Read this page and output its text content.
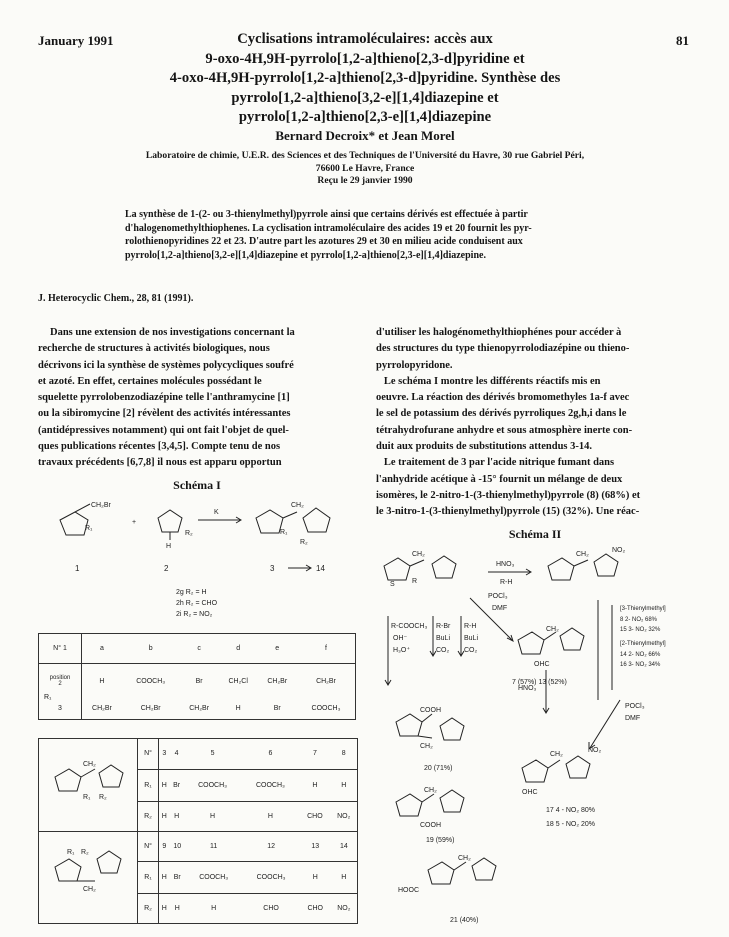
January 1991	81
Cyclisations intramoléculaires: accès aux
9-oxo-4H,9H-pyrrolo[1,2-a]thieno[2,3-d]pyridine et
4-oxo-4H,9H-pyrrolo[1,2-a]thieno[2,3-d]pyridine. Synthèse des
pyrrolo[1,2-a]thieno[3,2-e][1,4]diazepine et
pyrrolo[1,2-a]thieno[2,3-e][1,4]diazepine
Bernard Decroix* et Jean Morel
Laboratoire de chimie, U.E.R. des Sciences et des Techniques de l'Université du Havre, 30 rue Gabriel Péri,
76600 Le Havre, France
Reçu le 29 janvier 1990
La synthèse de 1-(2- ou 3-thienylmethyl)pyrrole ainsi que certains dérivés est effectuée à partir
d'halogenomethylthiophenes. La cyclisation intramoléculaire des acides 19 et 20 fournit les pyr-
rolothienopyridines 22 et 23. D'autre part les azotures 29 et 30 en milieu acide conduisent aux
pyrrolo[1,2-a]thieno[3,2-e][1,4]diazepine et pyrrolo[1,2-a]thieno[2,3-e][1,4]diazepine.
J. Heterocyclic Chem., 28, 81 (1991).
Dans une extension de nos investigations concernant la
recherche de structures à activités biologiques, nous
décrivons ici la synthèse de systèmes polycycliques soufré
et azoté. En effet, certaines molécules possédant le
squelette pyrrolobenzodiazépine telle l'anthramycine [1]
ou la sibiromycine [2] révèlent des activités intéressantes
(antidépressives notamment) qui ont fait l'objet de quel-
ques publications récentes [3,4,5]. Compte tenu de nos
travaux précédents [6,7,8] il nous est apparu opportun
d'utiliser les halogénomethylthiophénes pour accéder à
des structures du type thienopyrrolodiazépine ou thieno-
pyrrolopyridone.
Le schéma I montre les différents réactifs mis en
oeuvre. La réaction des dérivés bromomethyles 1a-f avec
le sel de potassium des dérivés pyrroliques 2g,h,i dans le
tétrahydrofurane anhydre et sous atmosphère inerte con-
duit aux produits de substitutions attendus 3-14.
Le traitement de 3 par l'acide nitrique fumant dans
l'anhydride acétique à -15° fournit un mélange de deux
isomères, le 2-nitro-1-(3-thienylmethyl)pyrrole (8) (68%) et
le 3-nitro-1-(3-thienylmethyl)pyrrole (15) (32%). Une réac-
Schéma I
CH₂Br
R₁
R₂
H
+
K
CH₂
R₁
R₂
1	2	3	14
2g R₂ = H
2h R₂ = CHO
2i R₂ = NO₂
N° 1	a	b	c	d	e	f
position
2	H	COOCH₃	Br	CH₂Cl	CH₂Br	CH₂Br
3	CH₂Br	CH₂Br	CH₂Br	H	Br	COOCH₃
R₁
CH₂
R₁ R₂
R₁ R₂
CH₂
N°	3	4	5	6	7	8
R₁	H	Br	COOCH₃	COOCH₃	H	H
R₂	H	H	H	H	CHO	NO₂
N°	9	10	11	12	13	14
R₁	H	Br	COOCH₃	COOCH₃	H	H
R₂	H	H	H	CHO	CHO	NO₂
Schéma II
CH₂
R
S
CH₂
NO₂
CH₂
OHC
COOH
CH₂
CH₂
NO₂
OHC
CH₂
COOH
CH₂
HOOC
HNO₃
R-H
POCl₃
DMF
R-COOCH₃
OH⁻
H₃O⁺
R-Br
BuLi
CO₂
R-H
BuLi
CO₂
HNO₃
POCl₃
DMF
[3-Thienylmethyl]
8 2- NO₂ 68%
15 3- NO₂ 32%
[2-Thienylmethyl]
14 2- NO₂ 66%
16 3- NO₂ 34%
7 (57%) 13 (52%)
20 (71%)
19 (59%)
21 (40%)
17 4 - NO₂ 80%
18 5 - NO₂ 20%
